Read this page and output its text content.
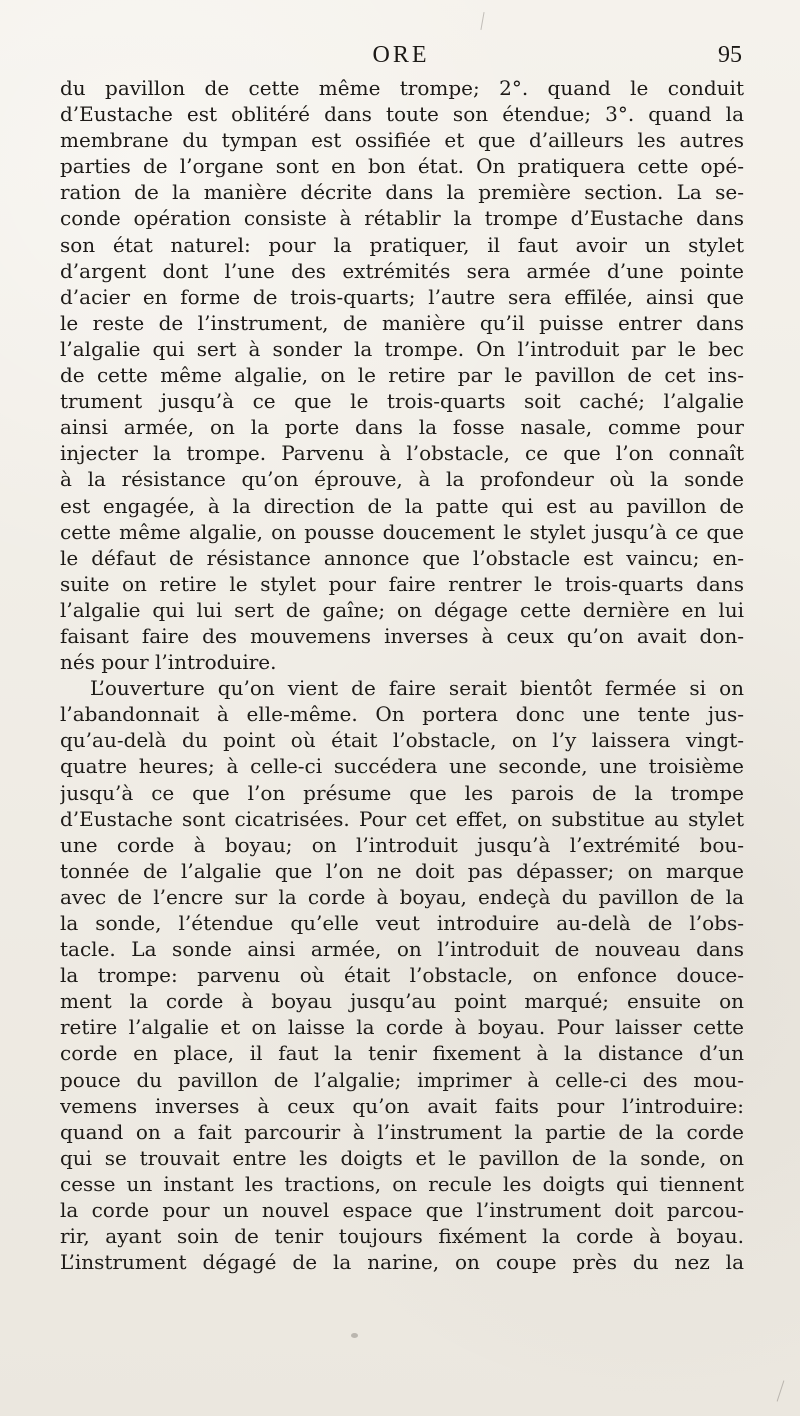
ORE	95
du pavillon de cette même trompe; 2°. quand le conduit
d’Eustache est oblitéré dans toute son étendue; 3°. quand la
membrane du tympan est ossifiée et que d’ailleurs les autres
parties de l’organe sont en bon état. On pratiquera cette opé-
ration de la manière décrite dans la première section. La se-
conde opération consiste à rétablir la trompe d’Eustache dans
son état naturel: pour la pratiquer, il faut avoir un stylet
d’argent dont l’une des extrémités sera armée d’une pointe
d’acier en forme de trois-quarts; l’autre sera effilée, ainsi que
le reste de l’instrument, de manière qu’il puisse entrer dans
l’algalie qui sert à sonder la trompe. On l’introduit par le bec
de cette même algalie, on le retire par le pavillon de cet ins-
trument jusqu’à ce que le trois-quarts soit caché; l’algalie
ainsi armée, on la porte dans la fosse nasale, comme pour
injecter la trompe. Parvenu à l’obstacle, ce que l’on connaît
à la résistance qu’on éprouve, à la profondeur où la sonde
est engagée, à la direction de la patte qui est au pavillon de
cette même algalie, on pousse doucement le stylet jusqu’à ce que
le défaut de résistance annonce que l’obstacle est vaincu; en-
suite on retire le stylet pour faire rentrer le trois-quarts dans
l’algalie qui lui sert de gaîne; on dégage cette dernière en lui
faisant faire des mouvemens inverses à ceux qu’on avait don-
nés pour l’introduire.
L’ouverture qu’on vient de faire serait bientôt fermée si on
l’abandonnait à elle-même. On portera donc une tente jus-
qu’au-delà du point où était l’obstacle, on l’y laissera vingt-
quatre heures; à celle-ci succédera une seconde, une troisième
jusqu’à ce que l’on présume que les parois de la trompe
d’Eustache sont cicatrisées. Pour cet effet, on substitue au stylet
une corde à boyau; on l’introduit jusqu’à l’extrémité bou-
tonnée de l’algalie que l’on ne doit pas dépasser; on marque
avec de l’encre sur la corde à boyau, endeçà du pavillon de la
la sonde, l’étendue qu’elle veut introduire au-delà de l’obs-
tacle. La sonde ainsi armée, on l’introduit de nouveau dans
la trompe: parvenu où était l’obstacle, on enfonce douce-
ment la corde à boyau jusqu’au point marqué; ensuite on
retire l’algalie et on laisse la corde à boyau. Pour laisser cette
corde en place, il faut la tenir fixement à la distance d’un
pouce du pavillon de l’algalie; imprimer à celle-ci des mou-
vemens inverses à ceux qu’on avait faits pour l’introduire:
quand on a fait parcourir à l’instrument la partie de la corde
qui se trouvait entre les doigts et le pavillon de la sonde, on
cesse un instant les tractions, on recule les doigts qui tiennent
la corde pour un nouvel espace que l’instrument doit parcou-
rir, ayant soin de tenir toujours fixément la corde à boyau.
L’instrument dégagé de la narine, on coupe près du nez la
